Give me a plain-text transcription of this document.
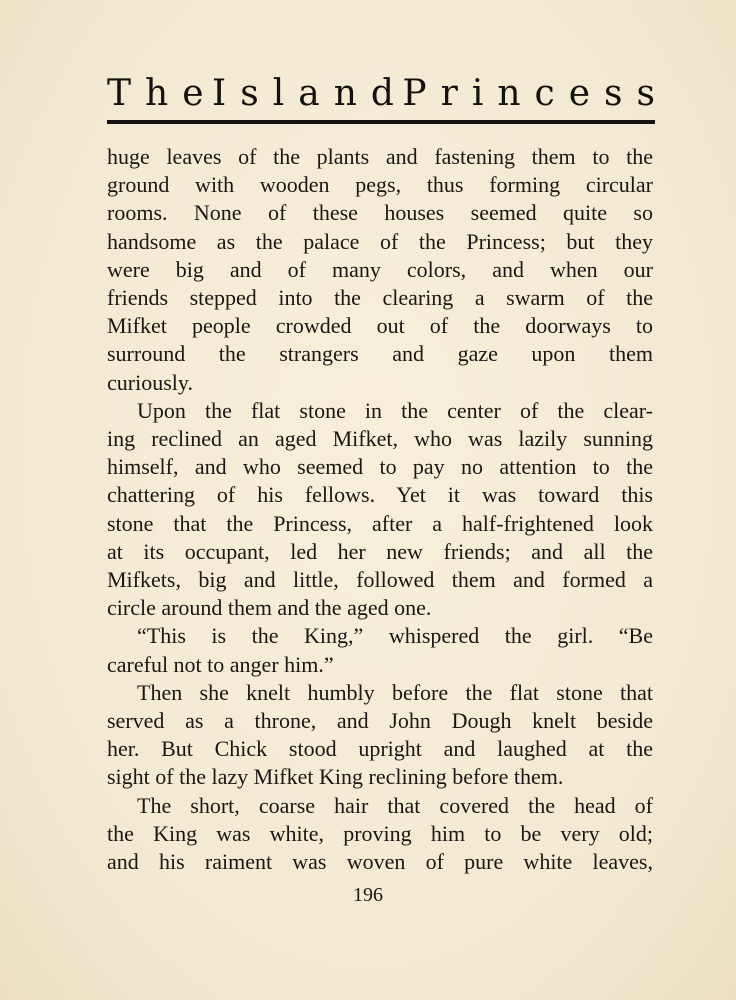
T h e I s l a n d P r i n c e s s
huge leaves of the plants and fastening them to the
ground with wooden pegs, thus forming circular
rooms. None of these houses seemed quite so
handsome as the palace of the Princess; but they
were big and of many colors, and when our
friends stepped into the clearing a swarm of the
Mifket people crowded out of the doorways to
surround the strangers and gaze upon them
curiously.
Upon the flat stone in the center of the clear-
ing reclined an aged Mifket, who was lazily sunning
himself, and who seemed to pay no attention to the
chattering of his fellows. Yet it was toward this
stone that the Princess, after a half-frightened look
at its occupant, led her new friends; and all the
Mifkets, big and little, followed them and formed a
circle around them and the aged one.
“This is the King,” whispered the girl. “Be
careful not to anger him.”
Then she knelt humbly before the flat stone that
served as a throne, and John Dough knelt beside
her. But Chick stood upright and laughed at the
sight of the lazy Mifket King reclining before them.
The short, coarse hair that covered the head of
the King was white, proving him to be very old;
and his raiment was woven of pure white leaves,
196
